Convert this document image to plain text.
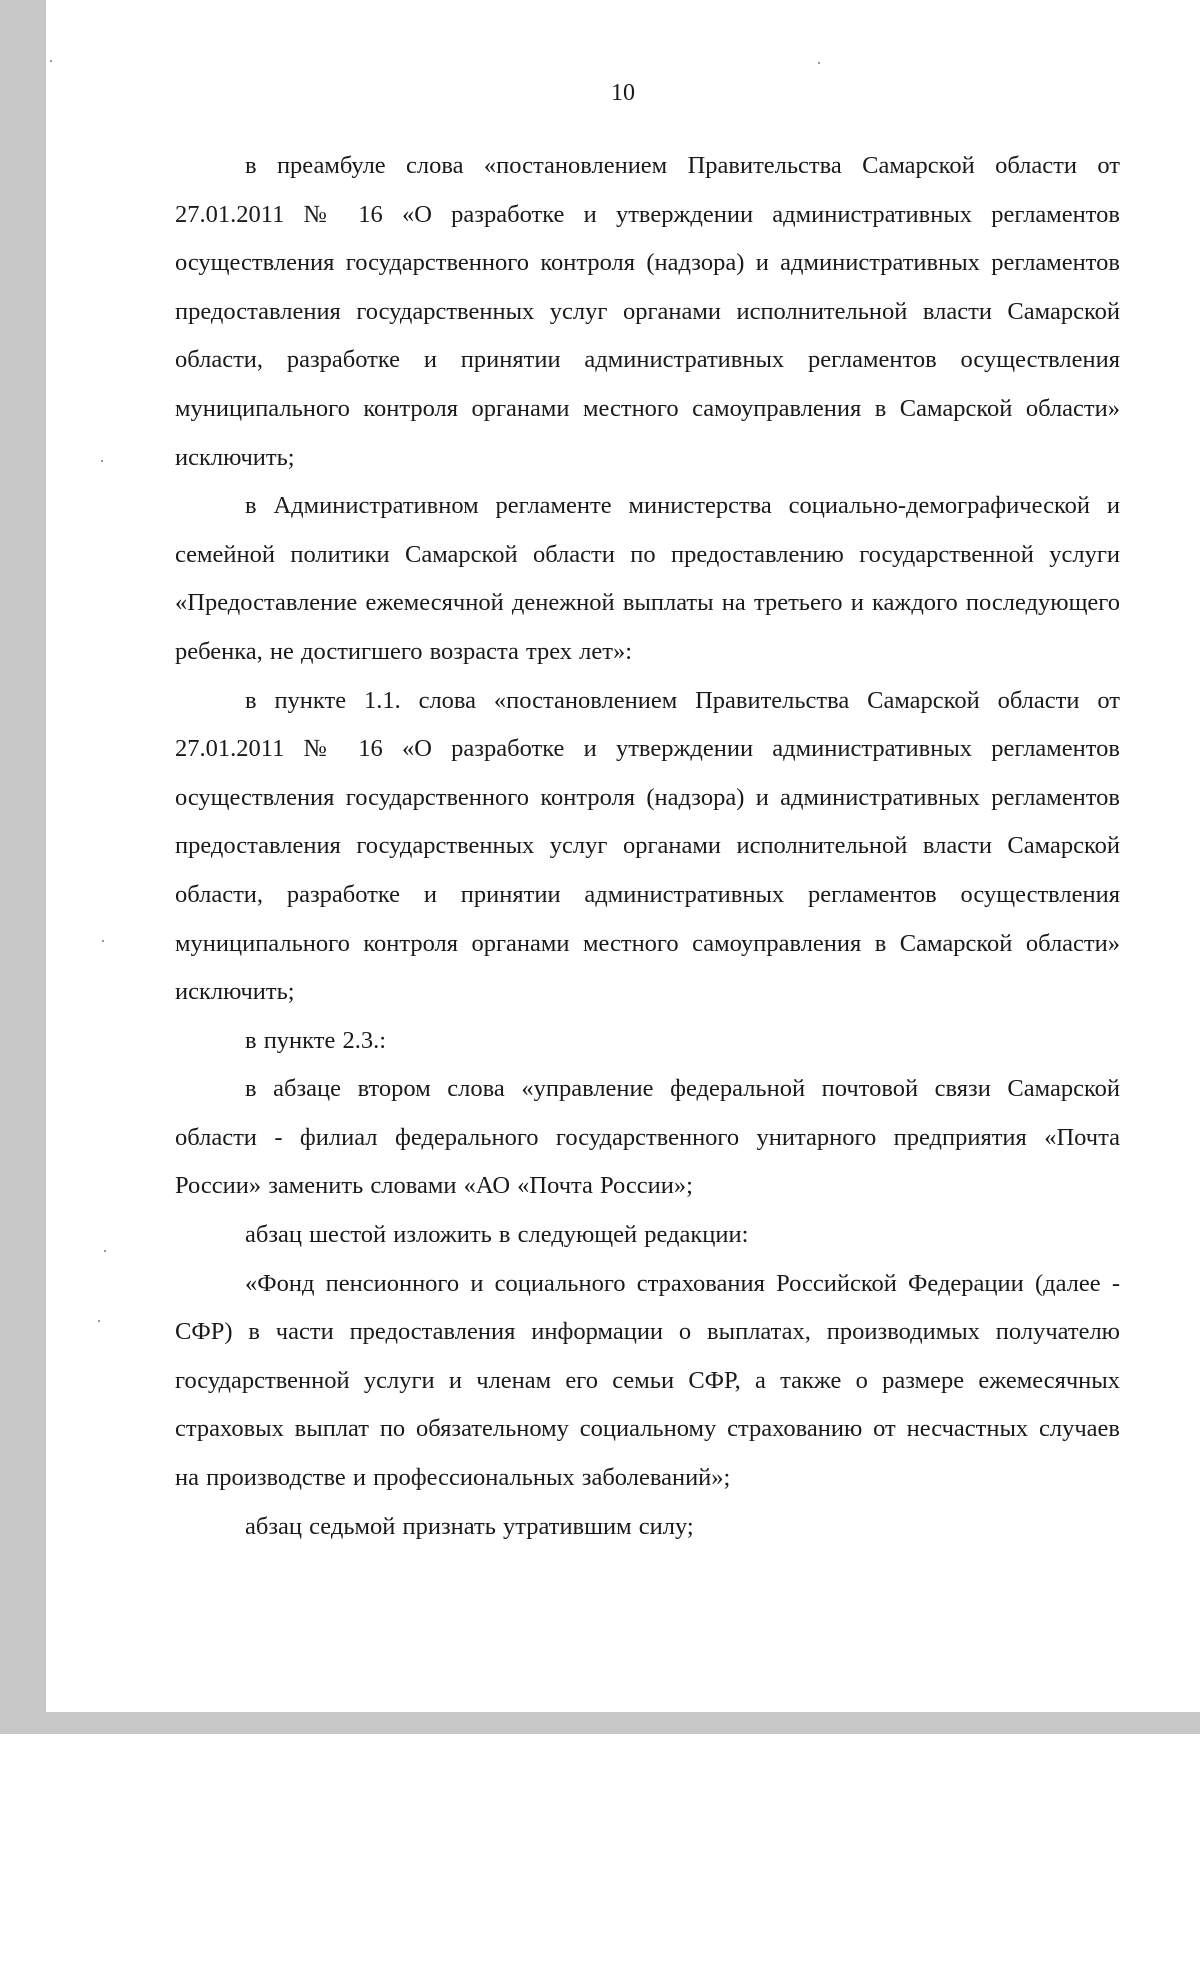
10

в преамбуле слова «постановлением Правительства Самарской области от 27.01.2011 № 16 «О разработке и утверждении административных регламентов осуществления государственного контроля (надзора) и административных регламентов предоставления государственных услуг органами исполнительной власти Самарской области, разработке и принятии административных регламентов осуществления муниципального контроля органами местного самоуправления в Самарской области» исключить;

в Административном регламенте министерства социально-демографической и семейной политики Самарской области по предоставлению государственной услуги «Предоставление ежемесячной денежной выплаты на третьего и каждого последующего ребенка, не достигшего возраста трех лет»:

в пункте 1.1. слова «постановлением Правительства Самарской области от 27.01.2011 № 16 «О разработке и утверждении административных регламентов осуществления государственного контроля (надзора) и административных регламентов предоставления государственных услуг органами исполнительной власти Самарской области, разработке и принятии административных регламентов осуществления муниципального контроля органами местного самоуправления в Самарской области» исключить;

в пункте 2.3.:

в абзаце втором слова «управление федеральной почтовой связи Самарской области - филиал федерального государственного унитарного предприятия «Почта России» заменить словами «АО «Почта России»;

абзац шестой изложить в следующей редакции:

«Фонд пенсионного и социального страхования Российской Федерации (далее - СФР) в части предоставления информации о выплатах, производимых получателю государственной услуги и членам его семьи СФР, а также о размере ежемесячных страховых выплат по обязательному социальному страхованию от несчастных случаев на производстве и профессиональных заболеваний»;

абзац седьмой признать утратившим силу;
